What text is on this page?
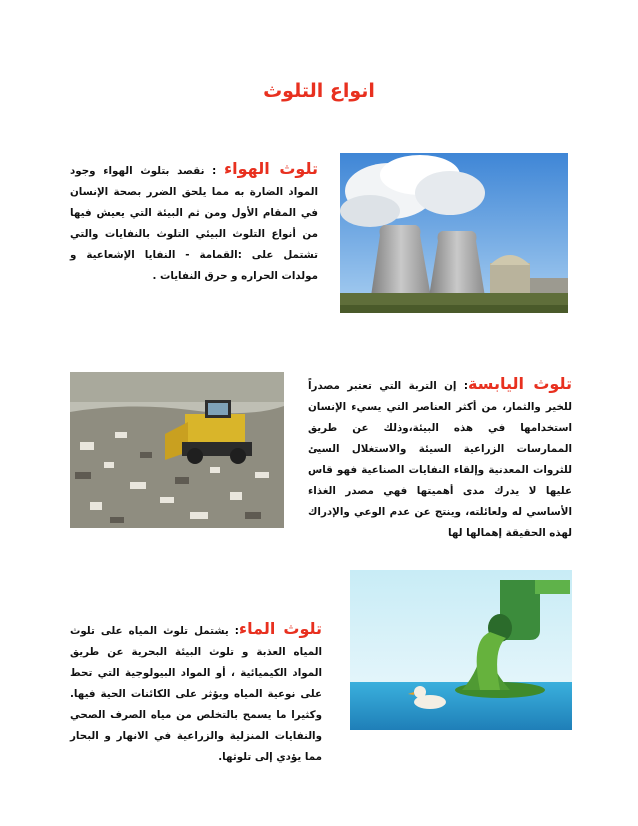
انواع التلوث
تلوث الهواء : نقصد بتلوث الهواء وجود المواد الضارة به مما يلحق الضرر بصحة الإنسان في المقام الأول ومن ثم البيئة التي يعيش فيها من أنواع التلوث البيئي التلوث بالنفايات والتي تشتمل على :القمامة - النفايا الإشعاعية و مولدات الحراره و حرق النفايات .
تلوث اليابسة: إن التربة التي تعتبر مصدراً للخير والثمار، من أكثر العناصر التي يسيء الإنسان استخدامها في هذه البيئة،وذلك عن طريق الممارسات الزراعية السيئة والاستغلال السيئ للثروات المعدنية وإلقاء النفايات الصناعية فهو قاس عليها لا يدرك مدى أهميتها فهي مصدر الغذاء الأساسي له ولعائلته، وينتج عن عدم الوعي والإدراك لهذه الحقيقة إهمالها لها
تلوث الماء: يشتمل تلوث المياه على تلوث المياه العذبة و تلوث البيئة البحرية عن طريق المواد الكيميائية ، أو المواد البيولوجية التي تحط على نوعية المياه ويؤثر على الكائنات الحية فيها. وكثيرا ما يسمح بالتخلص من مياه الصرف الصحي والنفايات المنزلية والزراعية في الانهار و البحار مما يؤدي إلى تلوثها.
